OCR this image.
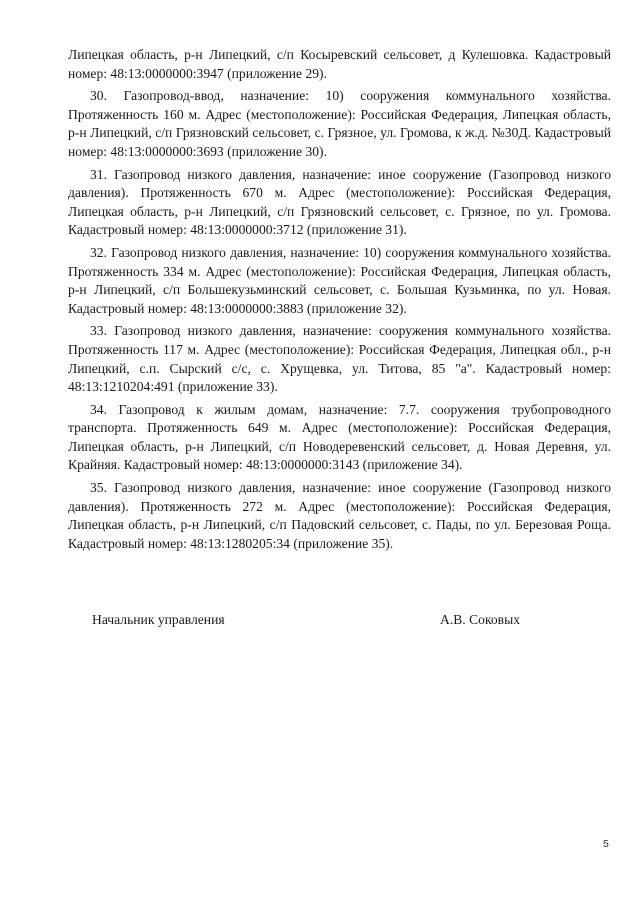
Липецкая область, р-н Липецкий, с/п Косыревский сельсовет, д Кулешовка. Кадастровый номер: 48:13:0000000:3947 (приложение 29).

30. Газопровод-ввод, назначение: 10) сооружения коммунального хозяйства. Протяженность 160 м. Адрес (местоположение): Российская Федерация, Липецкая область, р-н Липецкий, с/п Грязновский сельсовет, с. Грязное, ул. Громова, к ж.д. №30Д. Кадастровый номер: 48:13:0000000:3693 (приложение 30).

31. Газопровод низкого давления, назначение: иное сооружение (Газопровод низкого давления). Протяженность 670 м. Адрес (местоположение): Российская Федерация, Липецкая область, р-н Липецкий, с/п Грязновский сельсовет, с. Грязное, по ул. Громова. Кадастровый номер: 48:13:0000000:3712 (приложение 31).

32. Газопровод низкого давления, назначение: 10) сооружения коммунального хозяйства. Протяженность 334 м. Адрес (местоположение): Российская Федерация, Липецкая область, р-н Липецкий, с/п Большекузьминский сельсовет, с. Большая Кузьминка, по ул. Новая. Кадастровый номер: 48:13:0000000:3883 (приложение 32).

33. Газопровод низкого давления, назначение: сооружения коммунального хозяйства. Протяженность 117 м. Адрес (местоположение): Российская Федерация, Липецкая обл., р-н Липецкий, с.п. Сырский с/с, с. Хрущевка, ул. Титова, 85 "а". Кадастровый номер: 48:13:1210204:491 (приложение 33).

34. Газопровод к жилым домам, назначение: 7.7. сооружения трубопроводного транспорта. Протяженность 649 м. Адрес (местоположение): Российская Федерация, Липецкая область, р-н Липецкий, с/п Новодеревенский сельсовет, д. Новая Деревня, ул. Крайняя. Кадастровый номер: 48:13:0000000:3143 (приложение 34).

35. Газопровод низкого давления, назначение: иное сооружение (Газопровод низкого давления). Протяженность 272 м. Адрес (местоположение): Российская Федерация, Липецкая область, р-н Липецкий, с/п Падовский сельсовет, с. Пады, по ул. Березовая Роща. Кадастровый номер: 48:13:1280205:34 (приложение 35).

Начальник управления	А.В. Соковых
5
